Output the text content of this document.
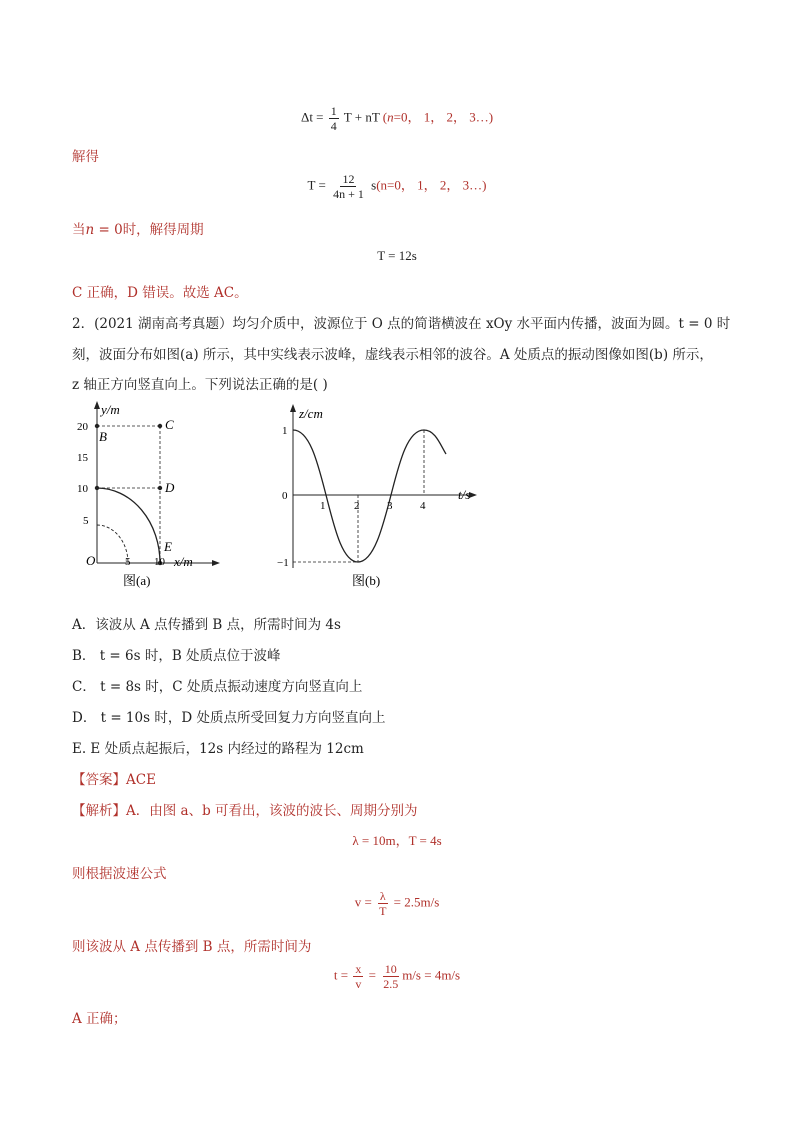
$\Delta t = \frac{1}{4}$ T + nT (n=0， 1， 2， 3…)
解得
$T = \frac{12}{4n + 1} s(n=0$， 1， 2， 3…)
当n = 0时，解得周期
T = 12s
C 正确，D 错误。故选 AC。
2．(2021 湖南高考真题）均匀介质中，波源位于 O 点的简谐横波在 xOy 水平面内传播，波面为圆。t = 0 时
刻，波面分布如图(a) 所示，其中实线表示波峰，虚线表示相邻的波谷。A 处质点的振动图像如图(b) 所示，
z 轴正方向竖直向上。下列说法正确的是( )
y/m
20
15
10
5
B
C
D
E
O	5 10 x/m
图(a)
z/cm
1
0
−1
1	2	3	4
t/s
图(b)
A．该波从 A 点传播到 B 点，所需时间为 4s
B． t = 6s 时，B 处质点位于波峰
C． t = 8s 时，C 处质点振动速度方向竖直向上
D． t = 10s 时，D 处质点所受回复力方向竖直向上
E. E 处质点起振后，12s 内经过的路程为 12cm
【答案】ACE
【解析】A．由图 a、b 可看出，该波的波长、周期分别为
λ = 10m，T = 4s
则根据波速公式
$v = \frac{\lambda}{T} = 2.5m/s$
则该波从 A 点传播到 B 点，所需时间为
$t = \frac{x}{v} = \frac{10}{2.5} m/s = 4m/s$
A 正确；
